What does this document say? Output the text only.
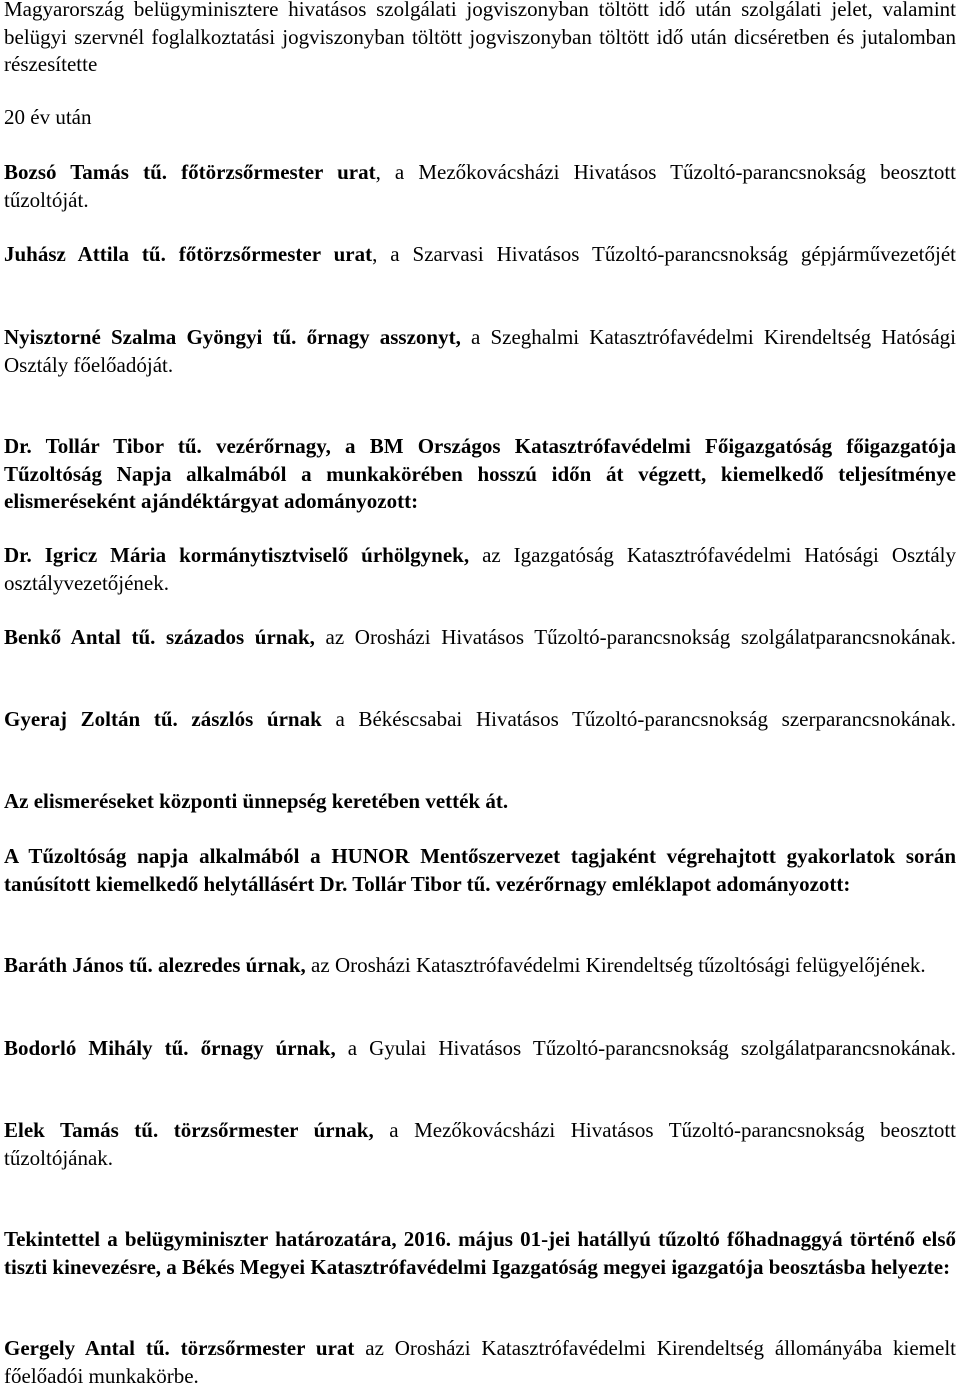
Magyarország belügyminisztere hivatásos szolgálati jogviszonyban töltött idő után szolgálati jelet, valamint belügyi szervnél foglalkoztatási jogviszonyban töltött jogviszonyban töltött idő után dicséretben és jutalomban részesítette

20 év után

Bozsó Tamás tű. főtörzsőrmester urat, a Mezőkovácsházi Hivatásos Tűzoltó-parancsnokság beosztott tűzoltóját.

Juhász Attila tű. főtörzsőrmester urat, a Szarvasi Hivatásos Tűzoltó-parancsnokság gépjárművezetőjét

Nyisztorné Szalma Gyöngyi tű. őrnagy asszonyt, a Szeghalmi Katasztrófavédelmi Kirendeltség Hatósági Osztály főelőadóját.

Dr. Tollár Tibor tű. vezérőrnagy, a BM Országos Katasztrófavédelmi Főigazgatóság főigazgatója Tűzoltóság Napja alkalmából a munkakörében hosszú időn át végzett, kiemelkedő teljesítménye elismeréseként ajándéktárgyat adományozott:

Dr. Igricz Mária kormánytisztviselő úrhölgynek, az Igazgatóság Katasztrófavédelmi Hatósági Osztály osztályvezetőjének.

Benkő Antal tű. százados úrnak, az Orosházi Hivatásos Tűzoltó-parancsnokság szolgálatparancsnokának.

Gyeraj Zoltán tű. zászlós úrnak a Békéscsabai Hivatásos Tűzoltó-parancsnokság szerparancsnokának.

Az elismeréseket központi ünnepség keretében vették át.

A Tűzoltóság napja alkalmából a HUNOR Mentőszervezet tagjaként végrehajtott gyakorlatok során tanúsított kiemelkedő helytállásért Dr. Tollár Tibor tű. vezérőrnagy emléklapot adományozott:

Baráth János tű. alezredes úrnak, az Orosházi Katasztrófavédelmi Kirendeltség tűzoltósági felügyelőjének.

Bodorló Mihály tű. őrnagy úrnak, a Gyulai Hivatásos Tűzoltó-parancsnokság szolgálatparancsnokának.

Elek Tamás tű. törzsőrmester úrnak, a Mezőkovácsházi Hivatásos Tűzoltó-parancsnokság beosztott tűzoltójának.

Tekintettel a belügyminiszter határozatára, 2016. május 01-jei hatállyú tűzoltó főhadnaggyá történő első tiszti kinevezésre, a Békés Megyei Katasztrófavédelmi Igazgatóság megyei igazgatója beosztásba helyezte:

Gergely Antal tű. törzsőrmester urat az Orosházi Katasztrófavédelmi Kirendeltség állományába kiemelt főelőadói munkakörbe.
